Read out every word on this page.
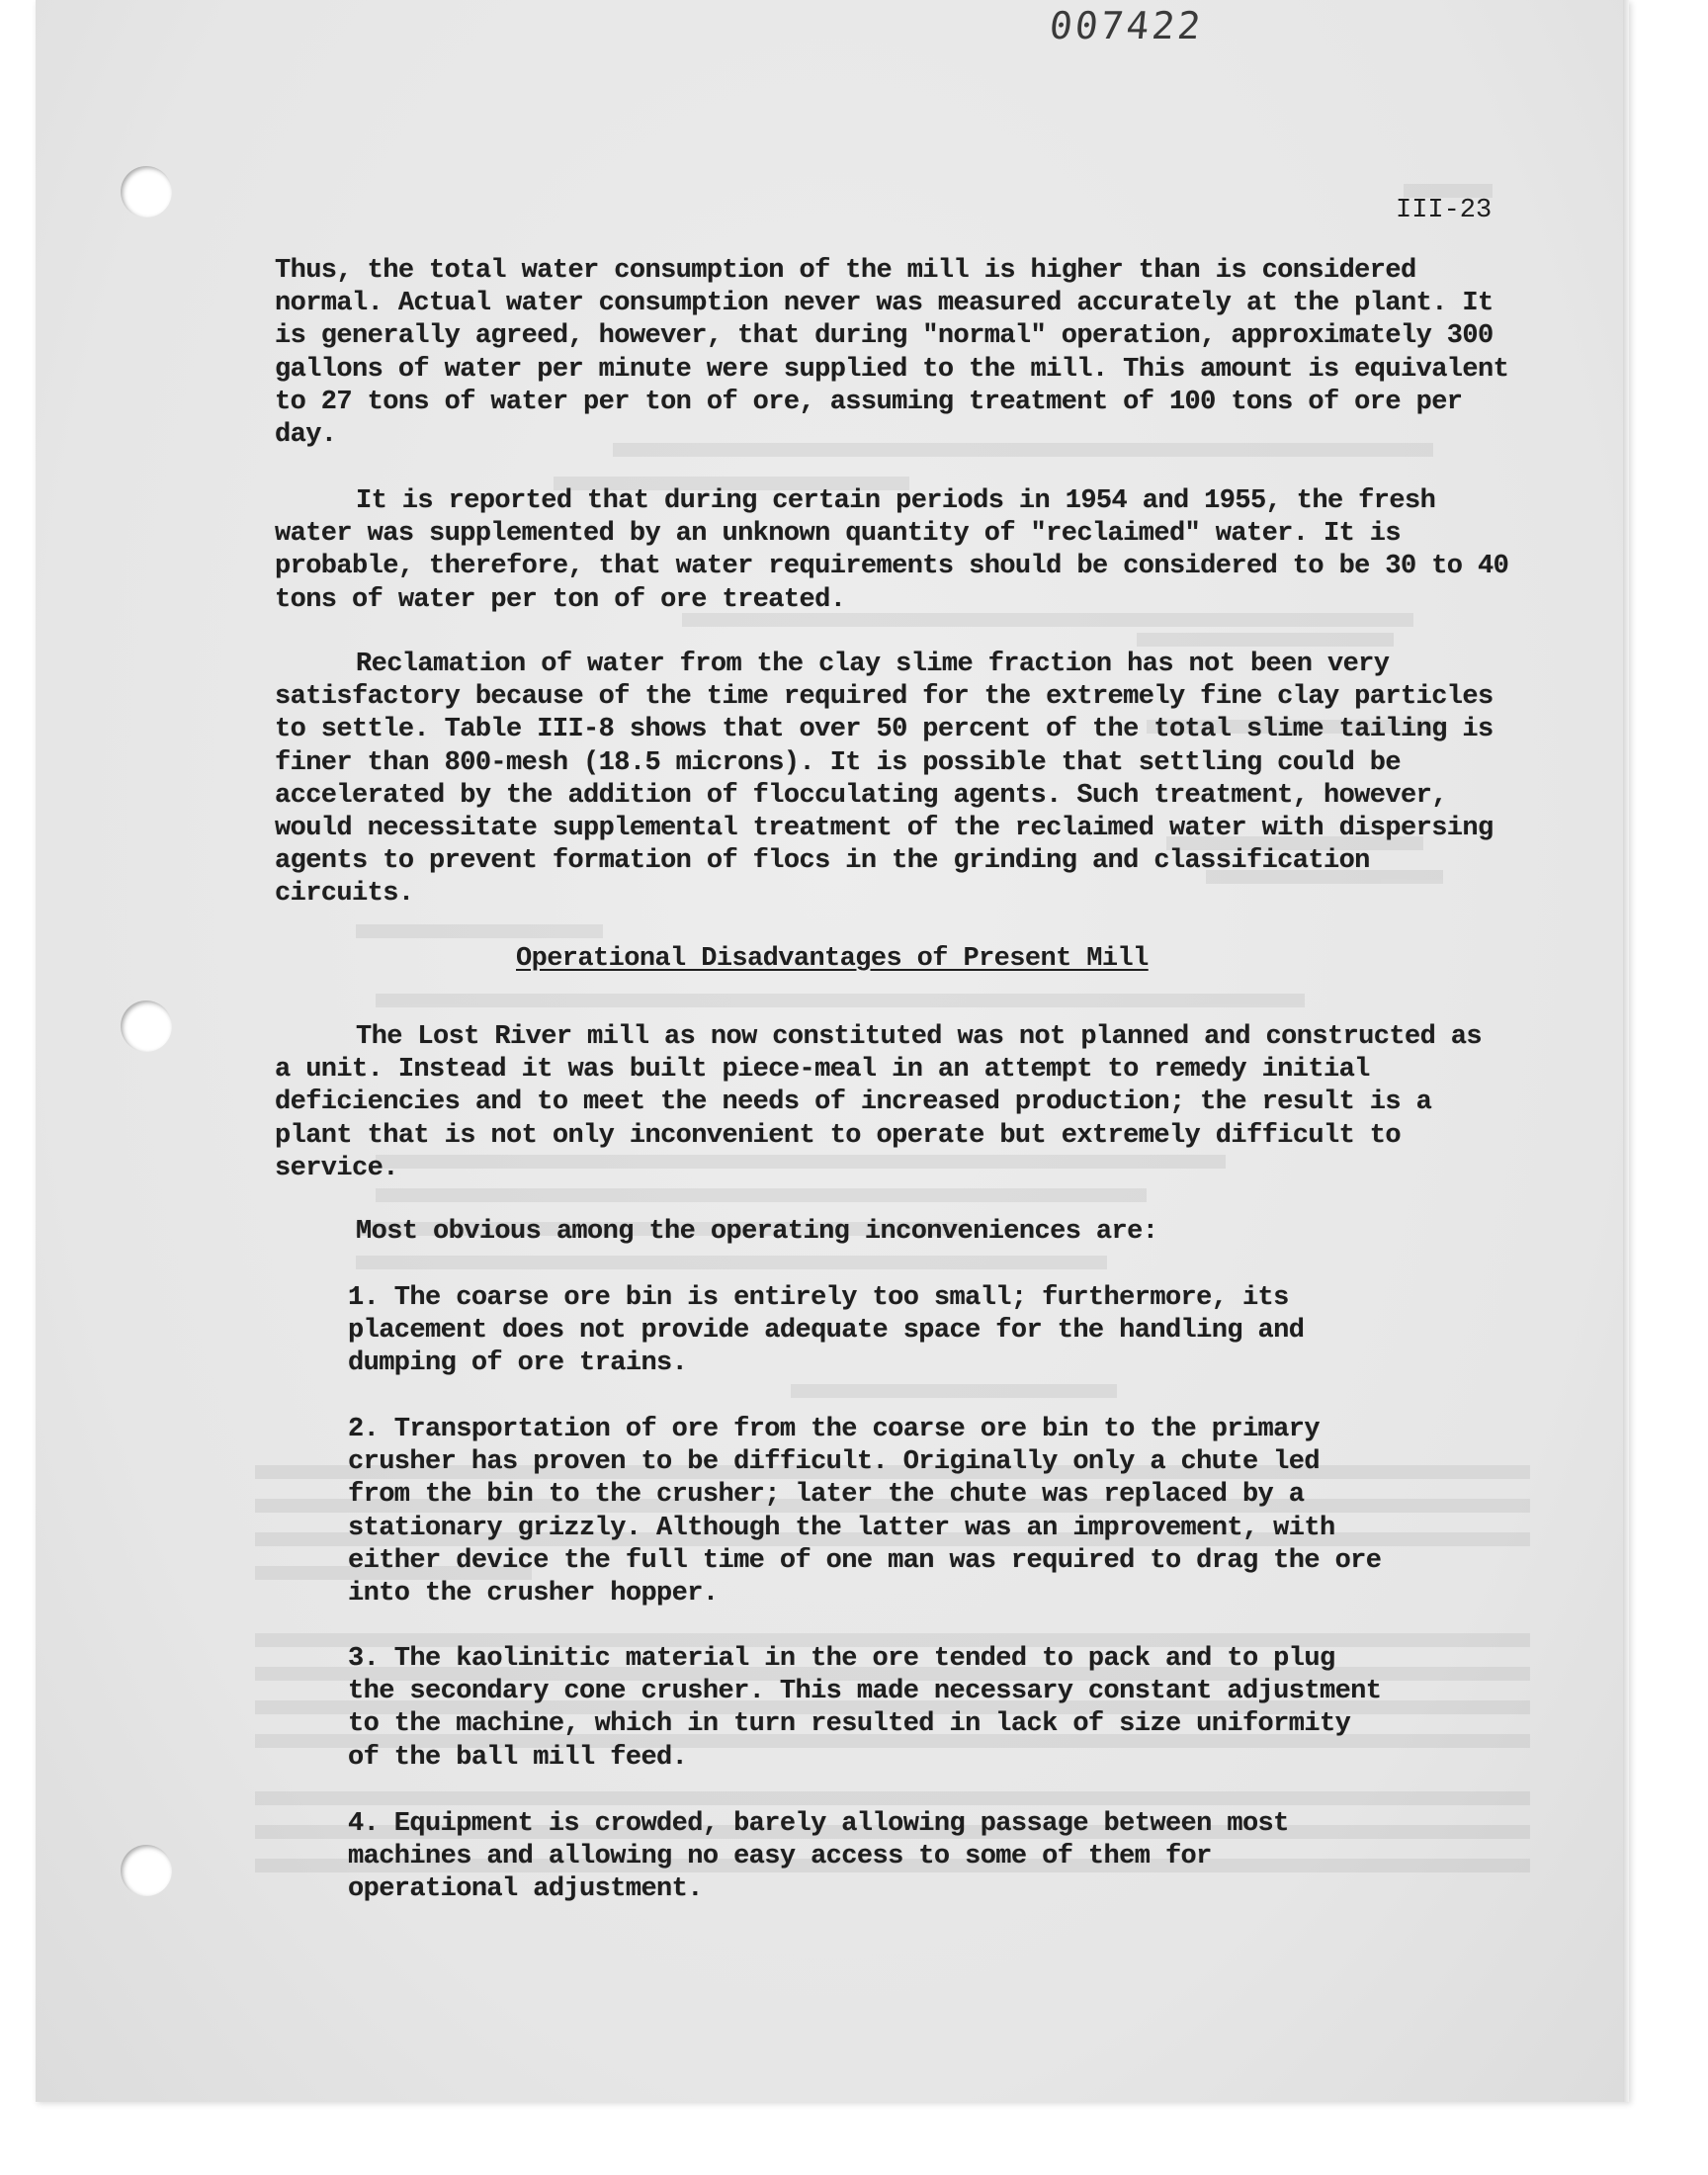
007422
III-23

Thus, the total water consumption of the mill is higher than is considered normal. Actual water consumption never was measured accurately at the plant. It is generally agreed, however, that during "normal" operation, approximately 300 gallons of water per minute were supplied to the mill. This amount is equivalent to 27 tons of water per ton of ore, assuming treatment of 100 tons of ore per day.

It is reported that during certain periods in 1954 and 1955, the fresh water was supplemented by an unknown quantity of "reclaimed" water. It is probable, therefore, that water requirements should be considered to be 30 to 40 tons of water per ton of ore treated.

Reclamation of water from the clay slime fraction has not been very satisfactory because of the time required for the extremely fine clay particles to settle. Table III-8 shows that over 50 percent of the total slime tailing is finer than 800-mesh (18.5 microns). It is possible that settling could be accelerated by the addition of flocculating agents. Such treatment, however, would necessitate supplemental treatment of the reclaimed water with dispersing agents to prevent formation of flocs in the grinding and classification circuits.

Operational Disadvantages of Present Mill

The Lost River mill as now constituted was not planned and constructed as a unit. Instead it was built piece-meal in an attempt to remedy initial deficiencies and to meet the needs of increased production; the result is a plant that is not only inconvenient to operate but extremely difficult to service.

Most obvious among the operating inconveniences are:

1. The coarse ore bin is entirely too small; furthermore, its placement does not provide adequate space for the handling and dumping of ore trains.

2. Transportation of ore from the coarse ore bin to the primary crusher has proven to be difficult. Originally only a chute led from the bin to the crusher; later the chute was replaced by a stationary grizzly. Although the latter was an improvement, with either device the full time of one man was required to drag the ore into the crusher hopper.

3. The kaolinitic material in the ore tended to pack and to plug the secondary cone crusher. This made necessary constant adjustment to the machine, which in turn resulted in lack of size uniformity of the ball mill feed.

4. Equipment is crowded, barely allowing passage between most machines and allowing no easy access to some of them for operational adjustment.
